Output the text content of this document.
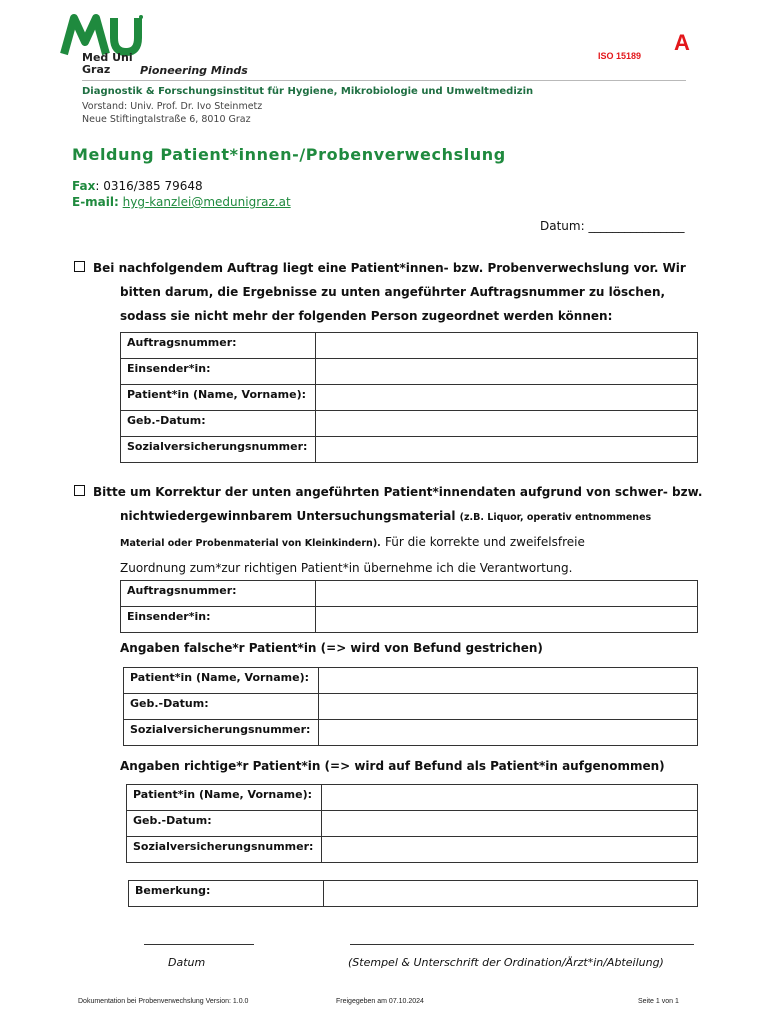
Med Uni
Graz	Pioneering Minds
ISO 15189
A
Diagnostik & Forschungsinstitut für Hygiene, Mikrobiologie und Umweltmedizin
Vorstand: Univ. Prof. Dr. Ivo Steinmetz
Neue Stiftingtalstraße 6, 8010 Graz
Meldung Patient*innen-/Probenverwechslung
Fax: 0316/385 79648
E-mail: hyg-kanzlei@medunigraz.at
Datum: ________________
Bei nachfolgendem Auftrag liegt eine Patient*innen- bzw. Probenverwechslung vor. Wir
bitten darum, die Ergebnisse zu unten angeführter Auftragsnummer zu löschen,
sodass sie nicht mehr der folgenden Person zugeordnet werden können:
Auftragsnummer:	
Einsender*in:	
Patient*in (Name, Vorname):	
Geb.-Datum:	
Sozialversicherungsnummer:	
Bitte um Korrektur der unten angeführten Patient*innendaten aufgrund von schwer- bzw.
nichtwiedergewinnbarem Untersuchungsmaterial (z.B. Liquor, operativ entnommenes
Material oder Probenmaterial von Kleinkindern). Für die korrekte und zweifelsfreie
Zuordnung zum*zur richtigen Patient*in übernehme ich die Verantwortung.
Auftragsnummer:	
Einsender*in:	
Angaben falsche*r Patient*in (=> wird von Befund gestrichen)
Patient*in (Name, Vorname):	
Geb.-Datum:	
Sozialversicherungsnummer:	
Angaben richtige*r Patient*in (=> wird auf Befund als Patient*in aufgenommen)
Patient*in (Name, Vorname):	
Geb.-Datum:	
Sozialversicherungsnummer:	
Bemerkung:	
Datum	(Stempel & Unterschrift der Ordination/Ärzt*in/Abteilung)
Dokumentation bei Probenverwechslung Version: 1.0.0	Freigegeben am 07.10.2024	Seite 1 von 1
